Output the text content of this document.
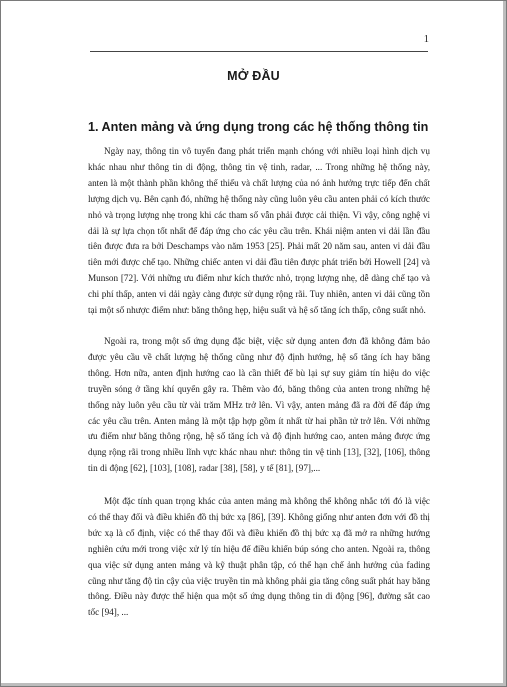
1
MỞ ĐẦU
1. Anten mảng và ứng dụng trong các hệ thống thông tin

Ngày nay, thông tin vô tuyến đang phát triển mạnh chóng với nhiều loại hình dịch vụ khác nhau như thông tin di động, thông tin vệ tinh, radar, ... Trong những hệ thống này, anten là một thành phần không thể thiếu và chất lượng của nó ảnh hưởng trực tiếp đến chất lượng dịch vụ. Bên cạnh đó, những hệ thống này cũng luôn yêu cầu anten phải có kích thước nhỏ và trọng lượng nhẹ trong khi các tham số vẫn phải được cải thiện. Vì vậy, công nghệ vi dải là sự lựa chọn tốt nhất để đáp ứng cho các yêu cầu trên. Khái niệm anten vi dải lần đầu tiên được đưa ra bởi Deschamps vào năm 1953 [25]. Phải mất 20 năm sau, anten vi dải đầu tiên mới được chế tạo. Những chiếc anten vi dải đầu tiên được phát triển bởi Howell [24] và Munson [72]. Với những ưu điểm như kích thước nhỏ, trọng lượng nhẹ, dễ dàng chế tạo và chi phí thấp, anten vi dải ngày càng được sử dụng rộng rãi. Tuy nhiên, anten vi dải cũng tồn tại một số nhược điểm như: băng thông hẹp, hiệu suất và hệ số tăng ích thấp, công suất nhỏ.

Ngoài ra, trong một số ứng dụng đặc biệt, việc sử dụng anten đơn đã không đảm bảo được yêu cầu về chất lượng hệ thống cũng như độ định hướng, hệ số tăng ích hay băng thông. Hơn nữa, anten định hướng cao là cần thiết để bù lại sự suy giảm tín hiệu do việc truyền sóng ở tầng khí quyển gây ra. Thêm vào đó, băng thông của anten trong những hệ thống này luôn yêu cầu từ vài trăm MHz trở lên. Vì vậy, anten mảng đã ra đời để đáp ứng các yêu cầu trên. Anten mảng là một tập hợp gồm ít nhất từ hai phần tử trở lên. Với những ưu điểm như băng thông rộng, hệ số tăng ích và độ định hướng cao, anten mảng được ứng dụng rộng rãi trong nhiều lĩnh vực khác nhau như: thông tin vệ tinh [13], [32], [106], thông tin di động [62], [103], [108], radar [38], [58], y tế [81], [97],...

Một đặc tính quan trọng khác của anten mảng mà không thể không nhắc tới đó là việc có thể thay đổi và điều khiển đồ thị bức xạ [86], [39]. Không giống như anten đơn với đồ thị bức xạ là cố định, việc có thể thay đổi và điều khiển đồ thị bức xạ đã mở ra những hướng nghiên cứu mới trong việc xử lý tín hiệu để điều khiển búp sóng cho anten. Ngoài ra, thông qua việc sử dụng anten mảng và kỹ thuật phân tập, có thể hạn chế ảnh hưởng của fading cũng như tăng độ tin cậy của việc truyền tin mà không phải gia tăng công suất phát hay băng thông. Điều này được thể hiện qua một số ứng dụng thông tin di động [96], đường sắt cao tốc [94], ...
